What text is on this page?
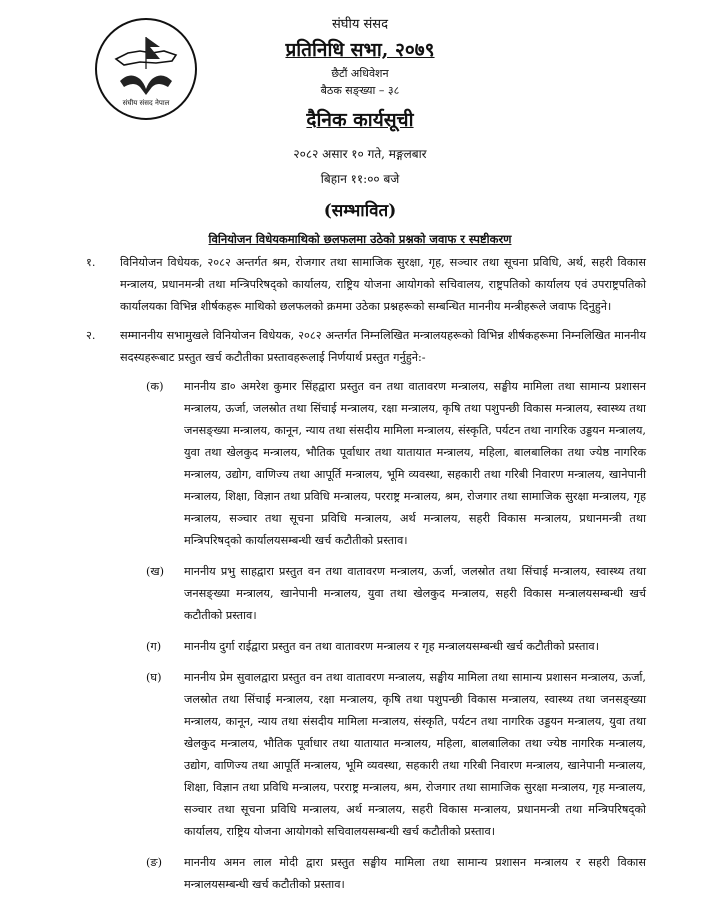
संघीय संसद नेपाल
संघीय संसद
प्रतिनिधि सभा, २०७९
छैटौं अधिवेशन
बैठक सङ्ख्या – ३८
दैनिक कार्यसूची
२०८२ असार १० गते, मङ्गलबार
बिहान ११:०० बजे
(सम्भावित)
विनियोजन विधेयकमाथिको छलफलमा उठेको प्रश्नको जवाफ र स्पष्टीकरण
१. विनियोजन विधेयक, २०८२ अन्तर्गत श्रम, रोजगार तथा सामाजिक सुरक्षा, गृह, सञ्चार तथा सूचना प्रविधि, अर्थ, सहरी विकास मन्त्रालय, प्रधानमन्त्री तथा मन्त्रिपरिषद्‍को कार्यालय, राष्ट्रिय योजना आयोगको सचिवालय, राष्ट्रपतिको कार्यालय एवं उपराष्ट्रपतिको कार्यालयका विभिन्न शीर्षकहरू माथिको छलफलको क्रममा उठेका प्रश्नहरूको सम्बन्धित माननीय मन्त्रीहरूले जवाफ दिनुहुने।
२. सम्माननीय सभामुखले विनियोजन विधेयक, २०८२ अन्तर्गत निम्नलिखित मन्त्रालयहरूको विभिन्न शीर्षकहरूमा निम्नलिखित माननीय सदस्यहरूबाट प्रस्तुत खर्च कटौतीका प्रस्तावहरूलाई निर्णयार्थ प्रस्तुत गर्नुहुने:-
(क) माननीय डा० अमरेश कुमार सिंहद्वारा प्रस्तुत वन तथा वातावरण मन्त्रालय, सङ्घीय मामिला तथा सामान्य प्रशासन मन्त्रालय, ऊर्जा, जलस्रोत तथा सिंचाई मन्त्रालय, रक्षा मन्त्रालय, कृषि तथा पशुपन्छी विकास मन्त्रालय, स्वास्थ्य तथा जनसङ्ख्या मन्त्रालय, कानून, न्याय तथा संसदीय मामिला मन्त्रालय, संस्कृति, पर्यटन तथा नागरिक उड्डयन मन्त्रालय, युवा तथा खेलकुद मन्त्रालय, भौतिक पूर्वाधार तथा यातायात मन्त्रालय, महिला, बालबालिका तथा ज्येष्ठ नागरिक मन्त्रालय, उद्योग, वाणिज्य तथा आपूर्ति मन्त्रालय, भूमि व्यवस्था, सहकारी तथा गरिबी निवारण मन्त्रालय, खानेपानी मन्त्रालय, शिक्षा, विज्ञान तथा प्रविधि मन्त्रालय, परराष्ट्र मन्त्रालय, श्रम, रोजगार तथा सामाजिक सुरक्षा मन्त्रालय, गृह मन्त्रालय, सञ्चार तथा सूचना प्रविधि मन्त्रालय, अर्थ मन्त्रालय, सहरी विकास मन्त्रालय, प्रधानमन्त्री तथा मन्त्रिपरिषद्‍को कार्यालयसम्बन्धी खर्च कटौतीको प्रस्ताव।
(ख) माननीय प्रभु साहद्वारा प्रस्तुत वन तथा वातावरण मन्त्रालय, ऊर्जा, जलस्रोत तथा सिंचाई मन्त्रालय, स्वास्थ्य तथा जनसङ्ख्या मन्त्रालय, खानेपानी मन्त्रालय, युवा तथा खेलकुद मन्त्रालय, सहरी विकास मन्त्रालयसम्बन्धी खर्च कटौतीको प्रस्ताव।
(ग) माननीय दुर्गा राईद्वारा प्रस्तुत वन तथा वातावरण मन्त्रालय र गृह मन्त्रालयसम्बन्धी खर्च कटौतीको प्रस्ताव।
(घ) माननीय प्रेम सुवालद्वारा प्रस्तुत वन तथा वातावरण मन्त्रालय, सङ्घीय मामिला तथा सामान्य प्रशासन मन्त्रालय, ऊर्जा, जलस्रोत तथा सिंचाई मन्त्रालय, रक्षा मन्त्रालय, कृषि तथा पशुपन्छी विकास मन्त्रालय, स्वास्थ्य तथा जनसङ्ख्या मन्त्रालय, कानून, न्याय तथा संसदीय मामिला मन्त्रालय, संस्कृति, पर्यटन तथा नागरिक उड्डयन मन्त्रालय, युवा तथा खेलकुद मन्त्रालय, भौतिक पूर्वाधार तथा यातायात मन्त्रालय, महिला, बालबालिका तथा ज्येष्ठ नागरिक मन्त्रालय, उद्योग, वाणिज्य तथा आपूर्ति मन्त्रालय, भूमि व्यवस्था, सहकारी तथा गरिबी निवारण मन्त्रालय, खानेपानी मन्त्रालय, शिक्षा, विज्ञान तथा प्रविधि मन्त्रालय, परराष्ट्र मन्त्रालय, श्रम, रोजगार तथा सामाजिक सुरक्षा मन्त्रालय, गृह मन्त्रालय, सञ्चार तथा सूचना प्रविधि मन्त्रालय, अर्थ मन्त्रालय, सहरी विकास मन्त्रालय, प्रधानमन्त्री तथा मन्त्रिपरिषद्‍को कार्यालय, राष्ट्रिय योजना आयोगको सचिवालयसम्बन्धी खर्च कटौतीको प्रस्ताव।
(ङ) माननीय अमन लाल मोदी द्वारा प्रस्तुत सङ्घीय मामिला तथा सामान्य प्रशासन मन्त्रालय र सहरी विकास मन्त्रालयसम्बन्धी खर्च कटौतीको प्रस्ताव।
